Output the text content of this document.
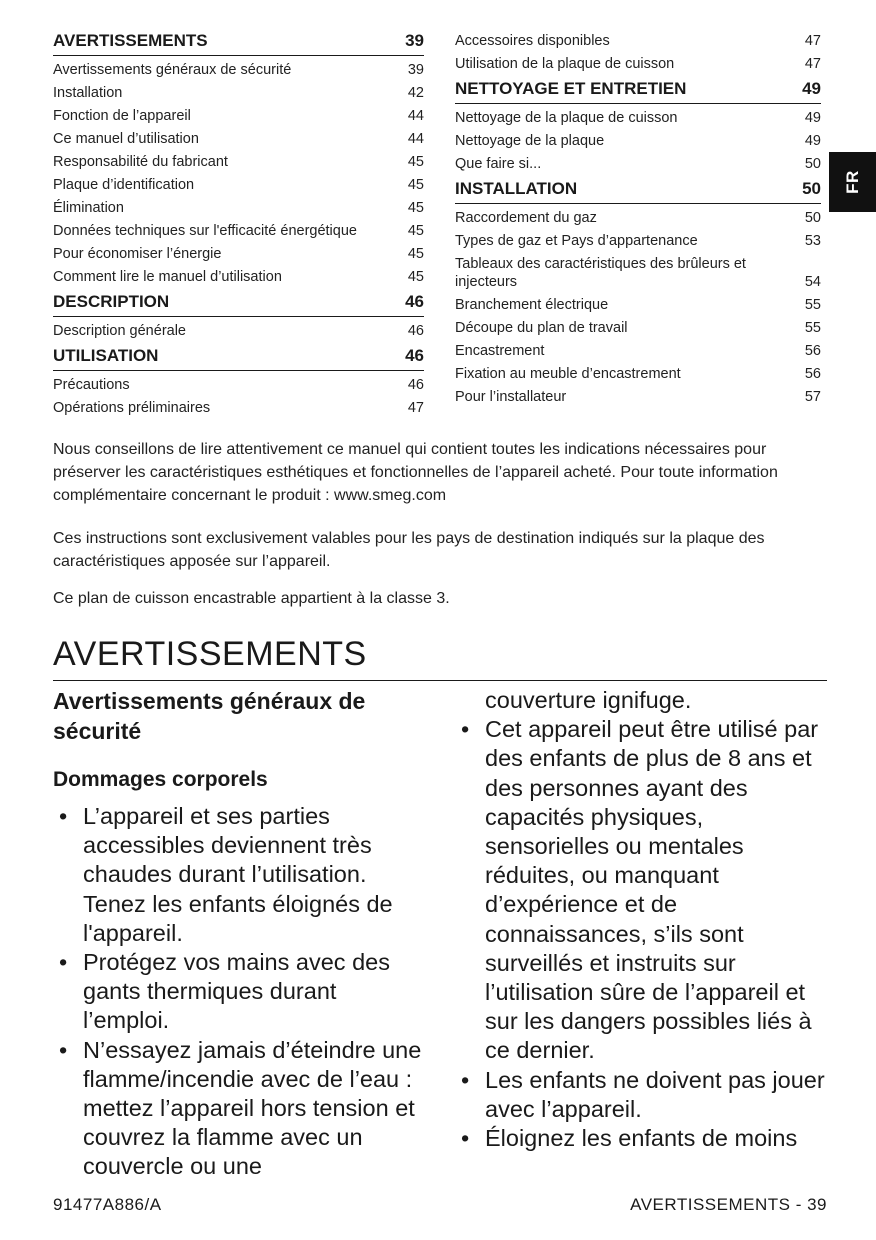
AVERTISSEMENTS	39
Avertissements généraux de sécurité	39
Installation	42
Fonction de l’appareil	44
Ce manuel d’utilisation	44
Responsabilité du fabricant	45
Plaque d’identification	45
Élimination	45
Données techniques sur l'efficacité énergétique	45
Pour économiser l’énergie	45
Comment lire le manuel d’utilisation	45
DESCRIPTION	46
Description générale	46
UTILISATION	46
Précautions	46
Opérations préliminaires	47
Accessoires disponibles	47
Utilisation de la plaque de cuisson	47
NETTOYAGE ET ENTRETIEN	49
Nettoyage de la plaque de cuisson	49
Nettoyage de la plaque	49
Que faire si...	50
INSTALLATION	50
Raccordement du gaz	50
Types de gaz et Pays d’appartenance	53
Tableaux des caractéristiques des brûleurs et injecteurs	54
Branchement électrique	55
Découpe du plan de travail	55
Encastrement	56
Fixation au meuble d’encastrement	56
Pour l’installateur	57
FR

Nous conseillons de lire attentivement ce manuel qui contient toutes les indications nécessaires pour préserver les caractéristiques esthétiques et fonctionnelles de l’appareil acheté. Pour toute information complémentaire concernant le produit : www.smeg.com

Ces instructions sont exclusivement valables pour les pays de destination indiqués sur la plaque des caractéristiques apposée sur l’appareil.

Ce plan de cuisson encastrable appartient à la classe 3.

AVERTISSEMENTS
Avertissements généraux de sécurité
Dommages corporels
• L’appareil et ses parties accessibles deviennent très chaudes durant l’utilisation. Tenez les enfants éloignés de l'appareil.
• Protégez vos mains avec des gants thermiques durant l’emploi.
• N’essayez jamais d’éteindre une flamme/incendie avec de l’eau : mettez l’appareil hors tension et couvrez la flamme avec un couvercle ou une

couverture ignifuge.

• Cet appareil peut être utilisé par des enfants de plus de 8 ans et des personnes ayant des capacités physiques, sensorielles ou mentales réduites, ou manquant d’expérience et de connaissances, s’ils sont surveillés et instruits sur l’utilisation sûre de l’appareil et sur les dangers possibles liés à ce dernier.
• Les enfants ne doivent pas jouer avec l’appareil.
• Éloignez les enfants de moins
91477A886/A	AVERTISSEMENTS - 39
